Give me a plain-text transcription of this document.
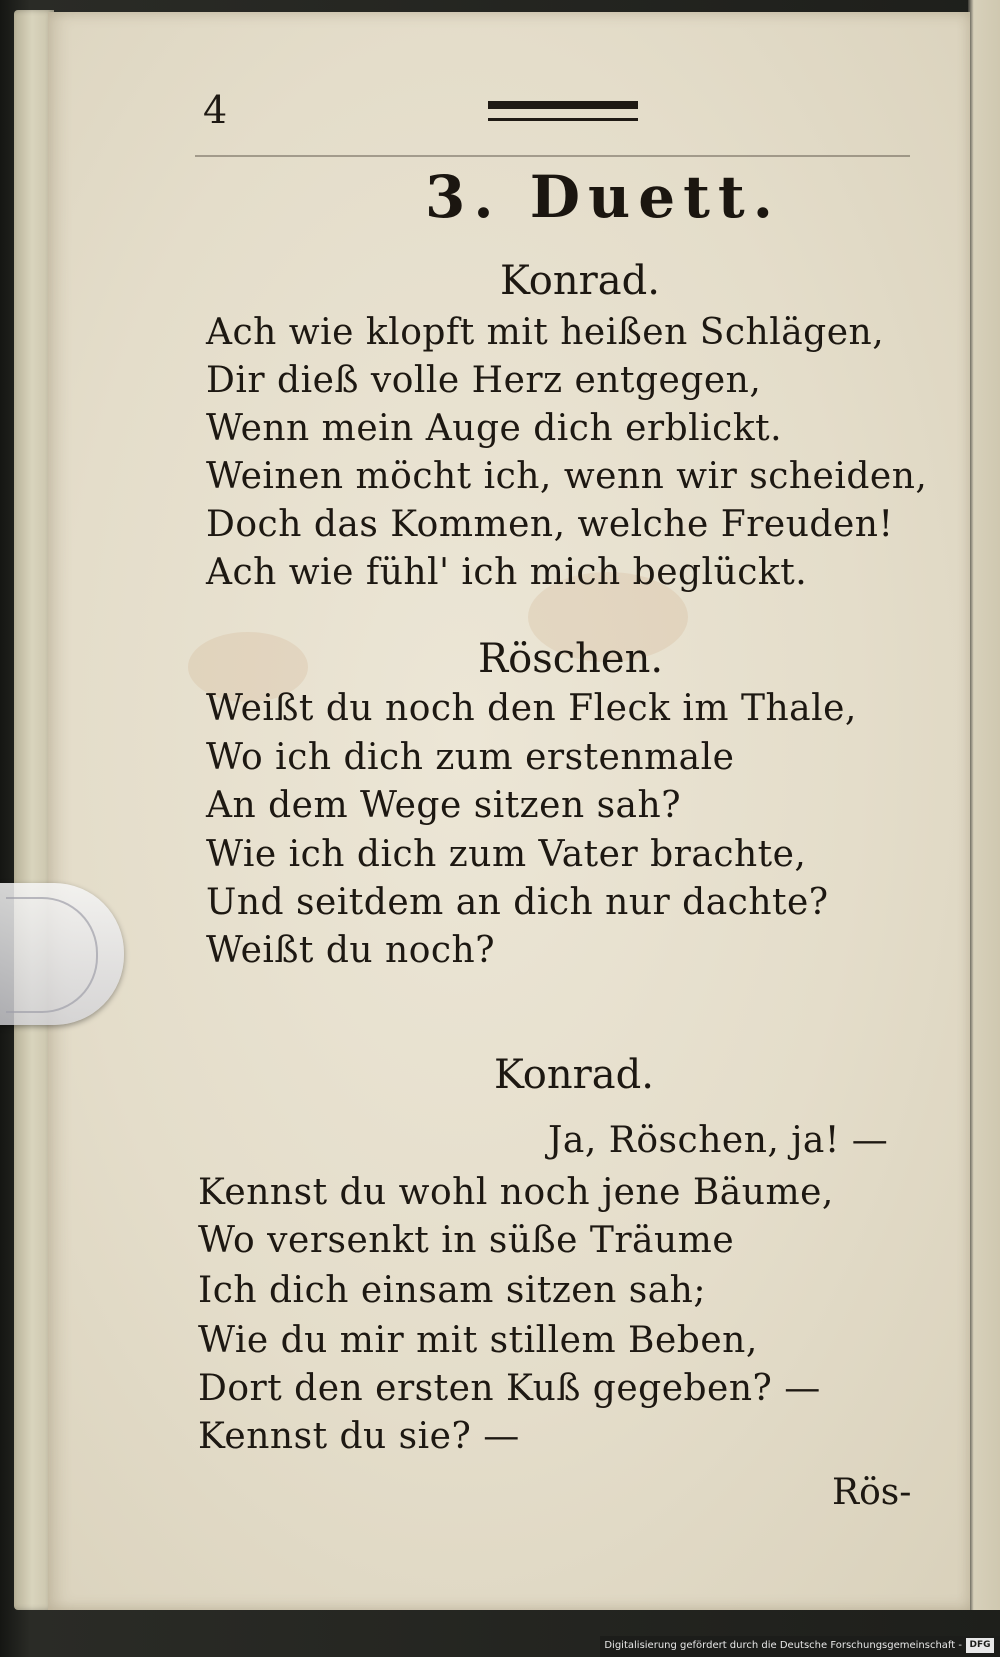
4
3. Duett.
Konrad.
Ach wie klopft mit heißen Schlägen,
Dir dieß volle Herz entgegen,
Wenn mein Auge dich erblickt.
Weinen möcht ich, wenn wir scheiden,
Doch das Kommen, welche Freuden!
Ach wie fühl' ich mich beglückt.
Röschen.
Weißt du noch den Fleck im Thale,
Wo ich dich zum erstenmale
An dem Wege sitzen sah?
Wie ich dich zum Vater brachte,
Und seitdem an dich nur dachte?
Weißt du noch?
Konrad.
Ja, Röschen, ja! —
Kennst du wohl noch jene Bäume,
Wo versenkt in süße Träume
Ich dich einsam sitzen sah;
Wie du mir mit stillem Beben,
Dort den ersten Kuß gegeben? —
Kennst du sie? —
Rös-
Digitalisierung gefördert durch die Deutsche Forschungsgemeinschaft - DFG
